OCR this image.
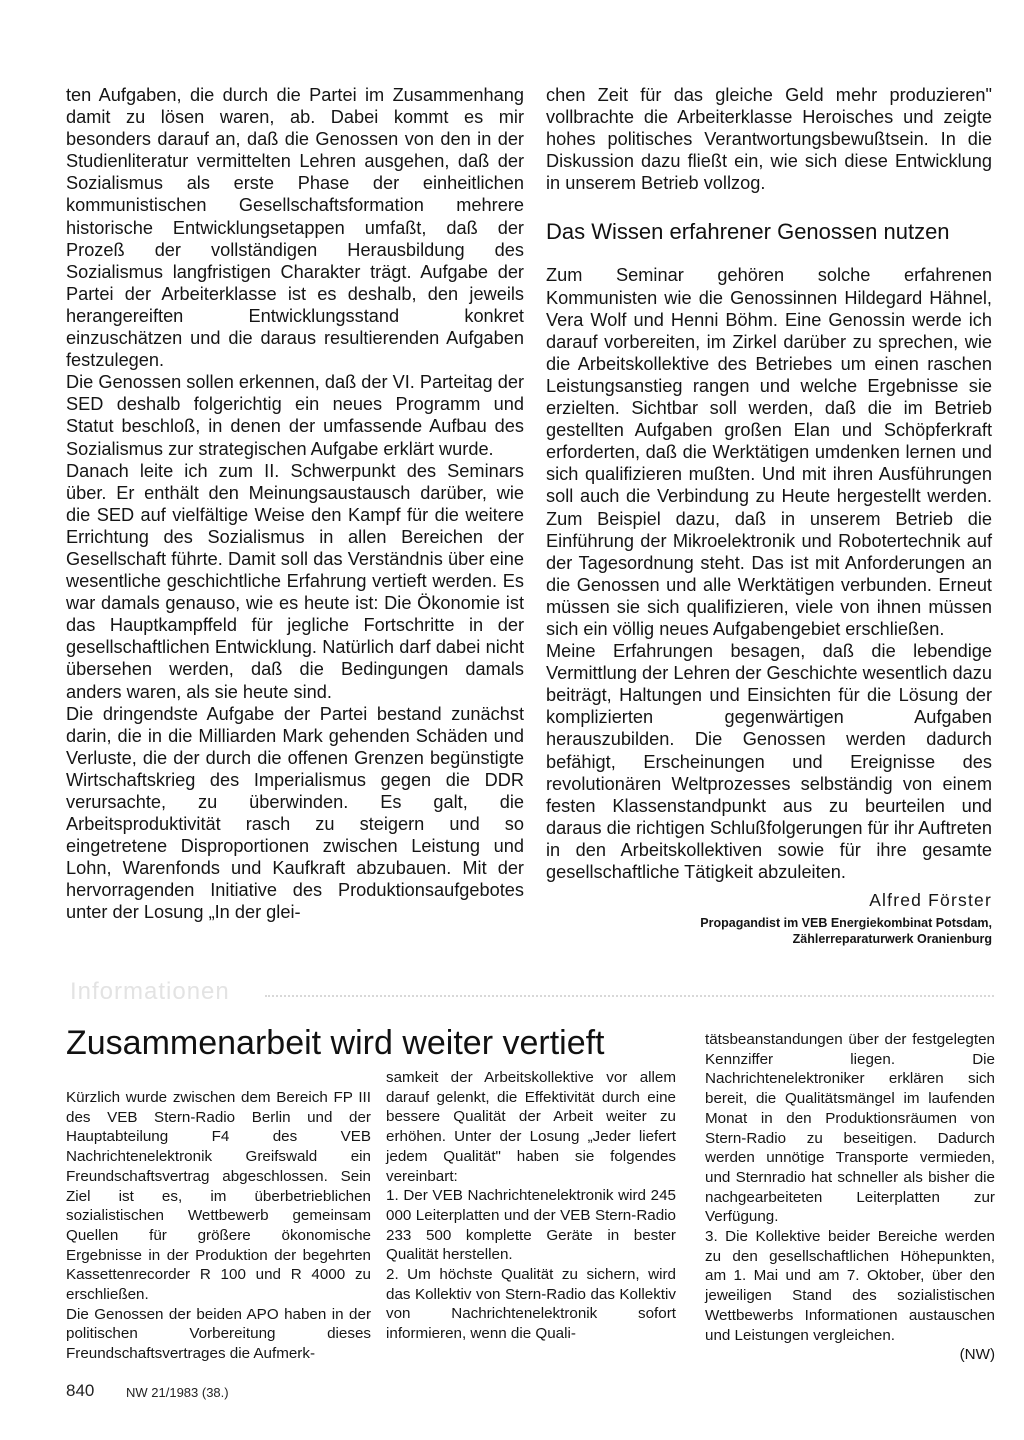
ten Aufgaben, die durch die Partei im Zusammenhang damit zu lösen waren, ab. Dabei kommt es mir besonders darauf an, daß die Genossen von den in der Studienliteratur vermittelten Lehren ausgehen, daß der Sozialismus als erste Phase der einheitlichen kommunistischen Gesellschaftsformation mehrere historische Entwicklungsetappen umfaßt, daß der Prozeß der vollständigen Herausbildung des Sozialismus langfristigen Charakter trägt. Aufgabe der Partei der Arbeiterklasse ist es deshalb, den jeweils herangereiften Entwicklungsstand konkret einzuschätzen und die daraus resultierenden Aufgaben festzulegen.

Die Genossen sollen erkennen, daß der VI. Parteitag der SED deshalb folgerichtig ein neues Programm und Statut beschloß, in denen der umfassende Aufbau des Sozialismus zur strategischen Aufgabe erklärt wurde.

Danach leite ich zum II. Schwerpunkt des Seminars über. Er enthält den Meinungsaustausch darüber, wie die SED auf vielfältige Weise den Kampf für die weitere Errichtung des Sozialismus in allen Bereichen der Gesellschaft führte. Damit soll das Verständnis über eine wesentliche geschichtliche Erfahrung vertieft werden. Es war damals genauso, wie es heute ist: Die Ökonomie ist das Hauptkampffeld für jegliche Fortschritte in der gesellschaftlichen Entwicklung. Natürlich darf dabei nicht übersehen werden, daß die Bedingungen damals anders waren, als sie heute sind.

Die dringendste Aufgabe der Partei bestand zunächst darin, die in die Milliarden Mark gehenden Schäden und Verluste, die der durch die offenen Grenzen begünstigte Wirtschaftskrieg des Imperialismus gegen die DDR verursachte, zu überwinden. Es galt, die Arbeitsproduktivität rasch zu steigern und so eingetretene Disproportionen zwischen Leistung und Lohn, Warenfonds und Kaufkraft abzubauen. Mit der hervorragenden Initiative des Produktionsaufgebotes unter der Losung „In der glei-

chen Zeit für das gleiche Geld mehr produzieren" vollbrachte die Arbeiterklasse Heroisches und zeigte hohes politisches Verantwortungsbewußtsein. In die Diskussion dazu fließt ein, wie sich diese Entwicklung in unserem Betrieb vollzog.

Das Wissen erfahrener Genossen nutzen

Zum Seminar gehören solche erfahrenen Kommunisten wie die Genossinnen Hildegard Hähnel, Vera Wolf und Henni Böhm. Eine Genossin werde ich darauf vorbereiten, im Zirkel darüber zu sprechen, wie die Arbeitskollektive des Betriebes um einen raschen Leistungsanstieg rangen und welche Ergebnisse sie erzielten. Sichtbar soll werden, daß die im Betrieb gestellten Aufgaben großen Elan und Schöpferkraft erforderten, daß die Werktätigen umdenken lernen und sich qualifizieren mußten. Und mit ihren Ausführungen soll auch die Verbindung zu Heute hergestellt werden. Zum Beispiel dazu, daß in unserem Betrieb die Einführung der Mikroelektronik und Robotertechnik auf der Tagesordnung steht. Das ist mit Anforderungen an die Genossen und alle Werktätigen verbunden. Erneut müssen sie sich qualifizieren, viele von ihnen müssen sich ein völlig neues Aufgabengebiet erschließen.

Meine Erfahrungen besagen, daß die lebendige Vermittlung der Lehren der Geschichte wesentlich dazu beiträgt, Haltungen und Einsichten für die Lösung der komplizierten gegenwärtigen Aufgaben herauszubilden. Die Genossen werden dadurch befähigt, Erscheinungen und Ereignisse des revolutionären Weltprozesses selbständig von einem festen Klassenstandpunkt aus zu beurteilen und daraus die richtigen Schlußfolgerungen für ihr Auftreten in den Arbeitskollektiven sowie für ihre gesamte gesellschaftliche Tätigkeit abzuleiten.

Alfred Förster
Propagandist im VEB Energiekombinat Potsdam,
Zählerreparaturwerk Oranienburg
Informationen
Zusammenarbeit wird weiter vertieft

Kürzlich wurde zwischen dem Bereich FP III des VEB Stern-Radio Berlin und der Hauptabteilung F4 des VEB Nachrichtenelektronik Greifswald ein Freundschaftsvertrag abgeschlossen. Sein Ziel ist es, im überbetrieblichen sozialistischen Wettbewerb gemeinsam Quellen für größere ökonomische Ergebnisse in der Produktion der begehrten Kassettenrecorder R 100 und R 4000 zu erschließen.

Die Genossen der beiden APO haben in der politischen Vorbereitung dieses Freundschaftsvertrages die Aufmerk-

samkeit der Arbeitskollektive vor allem darauf gelenkt, die Effektivität durch eine bessere Qualität der Arbeit weiter zu erhöhen. Unter der Losung „Jeder liefert jedem Qualität" haben sie folgendes vereinbart:

1. Der VEB Nachrichtenelektronik wird 245 000 Leiterplatten und der VEB Stern-Radio 233 500 komplette Geräte in bester Qualität herstellen.

2. Um höchste Qualität zu sichern, wird das Kollektiv von Stern-Radio das Kollektiv von Nachrichtenelektronik sofort informieren, wenn die Quali-

tätsbeanstandungen über der festgelegten Kennziffer liegen. Die Nachrichtenelektroniker erklären sich bereit, die Qualitätsmängel im laufenden Monat in den Produktionsräumen von Stern-Radio zu beseitigen. Dadurch werden unnötige Transporte vermieden, und Sternradio hat schneller als bisher die nachgearbeiteten Leiterplatten zur Verfügung.

3. Die Kollektive beider Bereiche werden zu den gesellschaftlichen Höhepunkten, am 1. Mai und am 7. Oktober, über den jeweiligen Stand des sozialistischen Wettbewerbs Informationen austauschen und Leistungen vergleichen.

(NW)
840 NW 21/1983 (38.)
